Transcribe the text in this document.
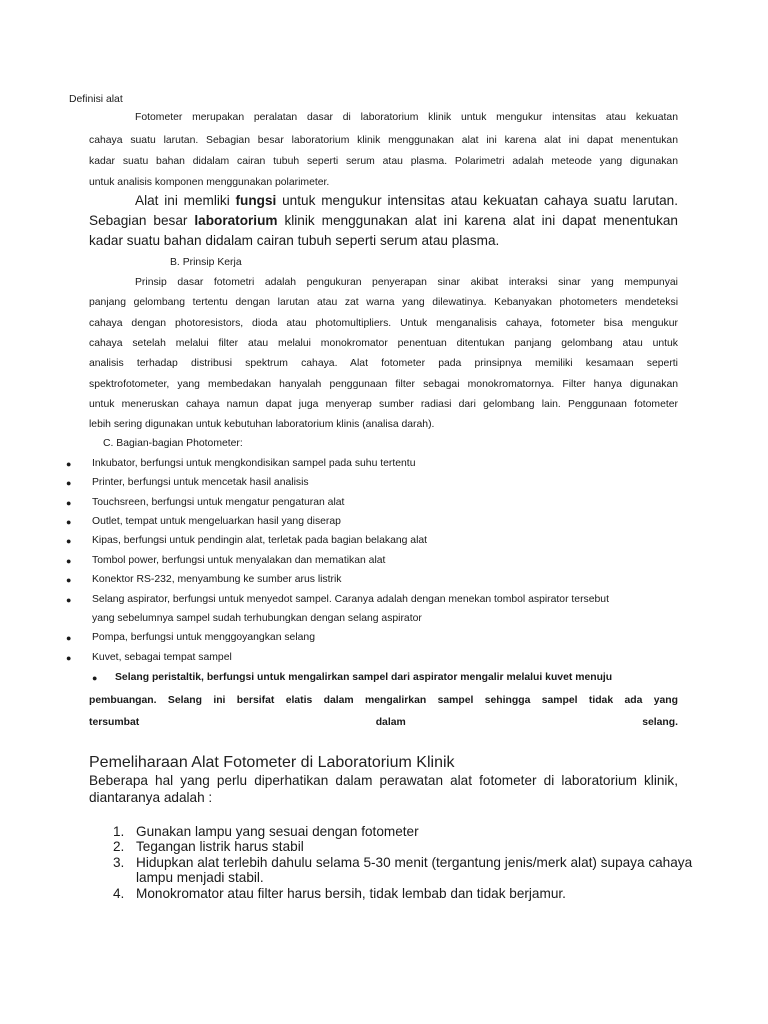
Definisi alat
Fotometer merupakan peralatan dasar di laboratorium klinik untuk mengukur intensitas atau kekuatan
cahaya suatu larutan. Sebagian besar laboratorium klinik menggunakan alat ini karena alat ini dapat menentukan
kadar suatu bahan didalam cairan tubuh seperti serum atau plasma. Polarimetri adalah meteode yang digunakan
untuk analisis komponen menggunakan polarimeter.
Alat ini memliki fungsi untuk mengukur intensitas atau kekuatan cahaya suatu larutan.
Sebagian besar laboratorium klinik menggunakan alat ini karena alat ini dapat menentukan
kadar suatu bahan didalam cairan tubuh seperti serum atau plasma.
B. Prinsip Kerja
Prinsip dasar fotometri adalah pengukuran penyerapan sinar akibat interaksi sinar yang mempunyai
panjang gelombang tertentu dengan larutan atau zat warna yang dilewatinya. Kebanyakan photometers mendeteksi
cahaya dengan photoresistors, dioda atau photomultipliers. Untuk menganalisis cahaya, fotometer bisa mengukur
cahaya setelah melalui filter atau melalui monokromator penentuan ditentukan panjang gelombang atau untuk
analisis terhadap distribusi spektrum cahaya. Alat fotometer pada prinsipnya memiliki kesamaan seperti
spektrofotometer, yang membedakan hanyalah penggunaan filter sebagai monokromatornya. Filter hanya digunakan
untuk meneruskan cahaya namun dapat juga menyerap sumber radiasi dari gelombang lain. Penggunaan fotometer
lebih sering digunakan untuk kebutuhan laboratorium klinis (analisa darah).
C. Bagian-bagian Photometer:
● Inkubator, berfungsi untuk mengkondisikan sampel pada suhu tertentu
● Printer, berfungsi untuk mencetak hasil analisis
● Touchsreen, berfungsi untuk mengatur pengaturan alat
● Outlet, tempat untuk mengeluarkan hasil yang diserap
● Kipas, berfungsi untuk pendingin alat, terletak pada bagian belakang alat
● Tombol power, berfungsi untuk menyalakan dan mematikan alat
● Konektor RS-232, menyambung ke sumber arus listrik
● Selang aspirator, berfungsi untuk menyedot sampel. Caranya adalah dengan menekan tombol aspirator tersebut
yang sebelumnya sampel sudah terhubungkan dengan selang aspirator
● Pompa, berfungsi untuk menggoyangkan selang
● Kuvet, sebagai tempat sampel
● Selang peristaltik, berfungsi untuk mengalirkan sampel dari aspirator mengalir melalui kuvet menuju
pembuangan. Selang ini bersifat elatis dalam mengalirkan sampel sehingga sampel tidak ada yang
tersumbat dalam selang.
Pemeliharaan Alat Fotometer di Laboratorium Klinik
Beberapa hal yang perlu diperhatikan dalam perawatan alat fotometer di laboratorium klinik,
diantaranya adalah :
1. Gunakan lampu yang sesuai dengan fotometer
2. Tegangan listrik harus stabil
3. Hidupkan alat terlebih dahulu selama 5-30 menit (tergantung jenis/merk alat) supaya cahaya
lampu menjadi stabil.
4. Monokromator atau filter harus bersih, tidak lembab dan tidak berjamur.
